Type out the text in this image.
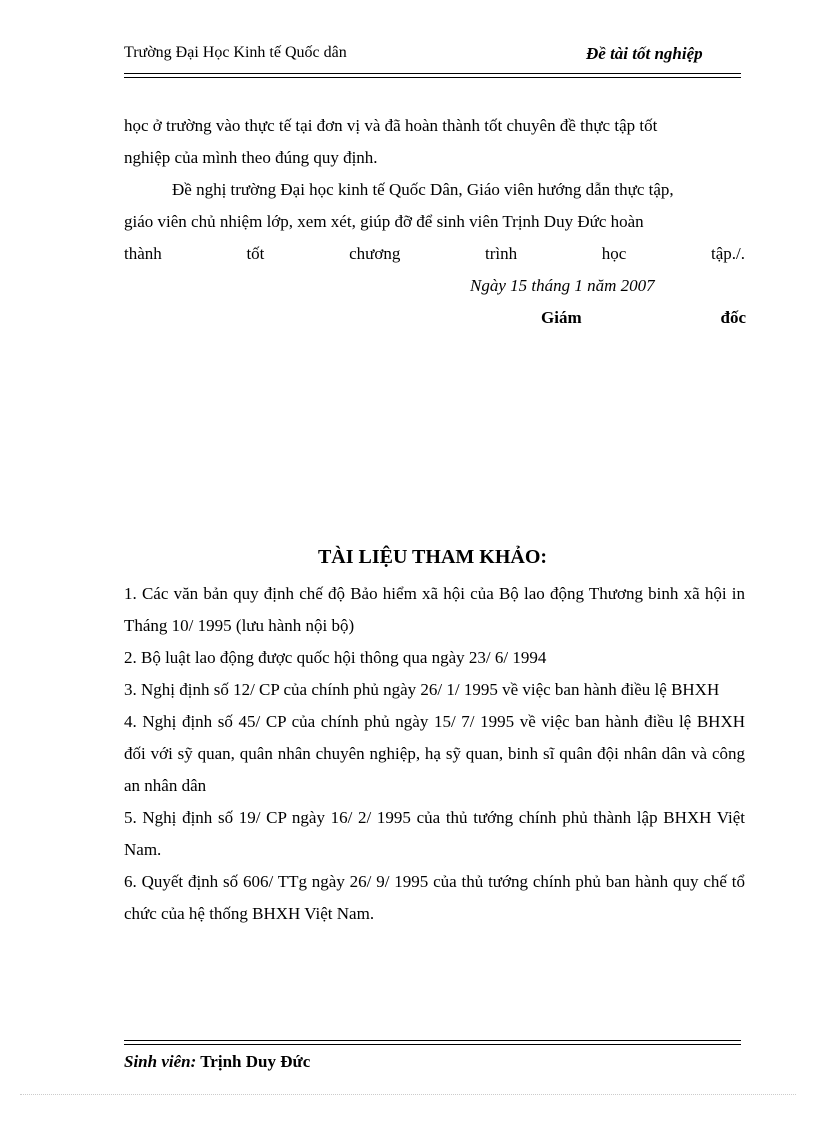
Trường Đại Học Kinh tế Quốc dân	Đề tài tốt nghiệp
học ở trường vào thực tế tại đơn vị và đã hoàn thành tốt chuyên đề thực tập tốt
nghiệp của mình theo đúng quy định.
Đề nghị trường Đại học kinh tế Quốc Dân, Giáo viên hướng dẫn thực tập,
giáo viên chủ nhiệm lớp, xem xét, giúp đỡ để sinh viên Trịnh Duy Đức hoàn
thành	tốt	chương	trình	học	tập./.
Ngày 15 tháng 1 năm 2007
Giám	đốc
TÀI LIỆU THAM KHẢO:

1. Các văn bản quy định chế độ Bảo hiểm xã hội của Bộ lao động Thương binh xã hội in Tháng 10/ 1995 (lưu hành nội bộ)

2. Bộ luật lao động được quốc hội thông qua ngày 23/ 6/ 1994

3. Nghị định số 12/ CP của chính phủ ngày 26/ 1/ 1995 về việc ban hành điều lệ BHXH

4. Nghị định số 45/ CP của chính phủ ngày 15/ 7/ 1995 về việc ban hành điều lệ BHXH đối với sỹ quan, quân nhân chuyên nghiệp, hạ sỹ quan, binh sĩ quân đội nhân dân và công an nhân dân

5. Nghị định số 19/ CP ngày 16/ 2/ 1995 của thủ tướng chính phủ thành lập BHXH Việt Nam.

6. Quyết định số 606/ TTg ngày 26/ 9/ 1995 của thủ tướng chính phủ ban hành quy chế tổ chức của hệ thống BHXH Việt Nam.

Sinh viên: Trịnh Duy Đức
